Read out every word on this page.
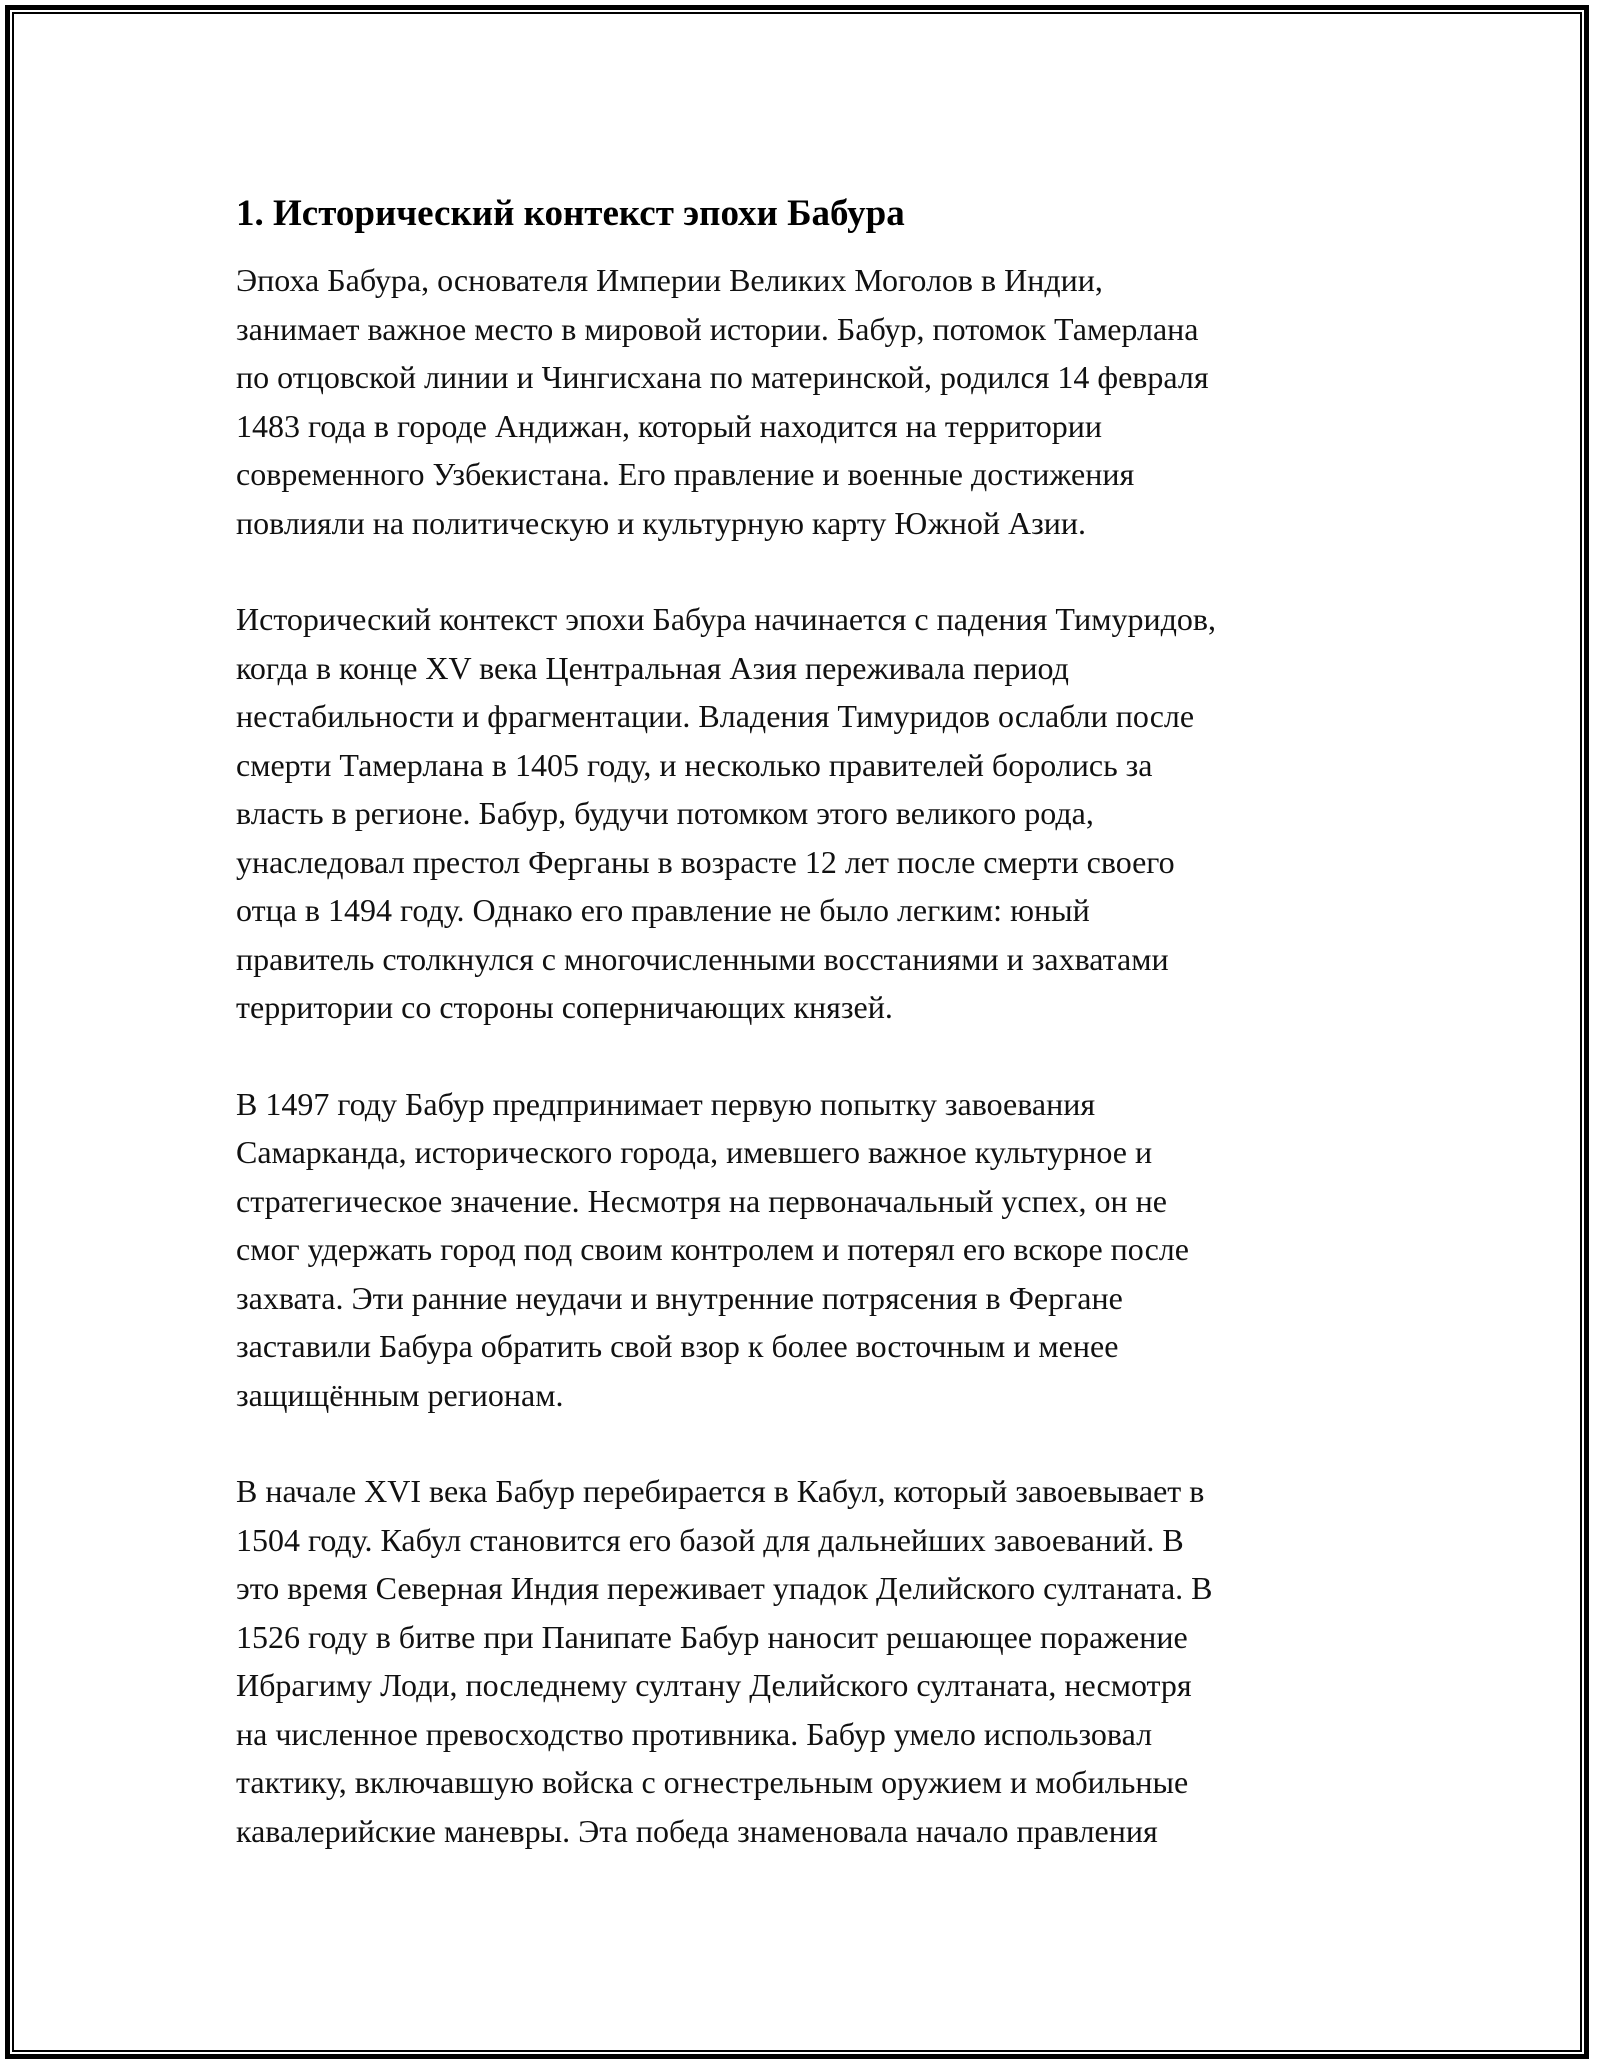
1. Исторический контекст эпохи Бабура

Эпоха Бабура, основателя Империи Великих Моголов в Индии,
занимает важное место в мировой истории. Бабур, потомок Тамерлана
по отцовской линии и Чингисхана по материнской, родился 14 февраля
1483 года в городе Андижан, который находится на территории
современного Узбекистана. Его правление и военные достижения
повлияли на политическую и культурную карту Южной Азии.

Исторический контекст эпохи Бабура начинается с падения Тимуридов,
когда в конце XV века Центральная Азия переживала период
нестабильности и фрагментации. Владения Тимуридов ослабли после
смерти Тамерлана в 1405 году, и несколько правителей боролись за
власть в регионе. Бабур, будучи потомком этого великого рода,
унаследовал престол Ферганы в возрасте 12 лет после смерти своего
отца в 1494 году. Однако его правление не было легким: юный
правитель столкнулся с многочисленными восстаниями и захватами
территории со стороны соперничающих князей.

В 1497 году Бабур предпринимает первую попытку завоевания
Самарканда, исторического города, имевшего важное культурное и
стратегическое значение. Несмотря на первоначальный успех, он не
смог удержать город под своим контролем и потерял его вскоре после
захвата. Эти ранние неудачи и внутренние потрясения в Фергане
заставили Бабура обратить свой взор к более восточным и менее
защищённым регионам.

В начале XVI века Бабур перебирается в Кабул, который завоевывает в
1504 году. Кабул становится его базой для дальнейших завоеваний. В
это время Северная Индия переживает упадок Делийского султаната. В
1526 году в битве при Панипате Бабур наносит решающее поражение
Ибрагиму Лоди, последнему султану Делийского султаната, несмотря
на численное превосходство противника. Бабур умело использовал
тактику, включавшую войска с огнестрельным оружием и мобильные
кавалерийские маневры. Эта победа знаменовала начало правления
